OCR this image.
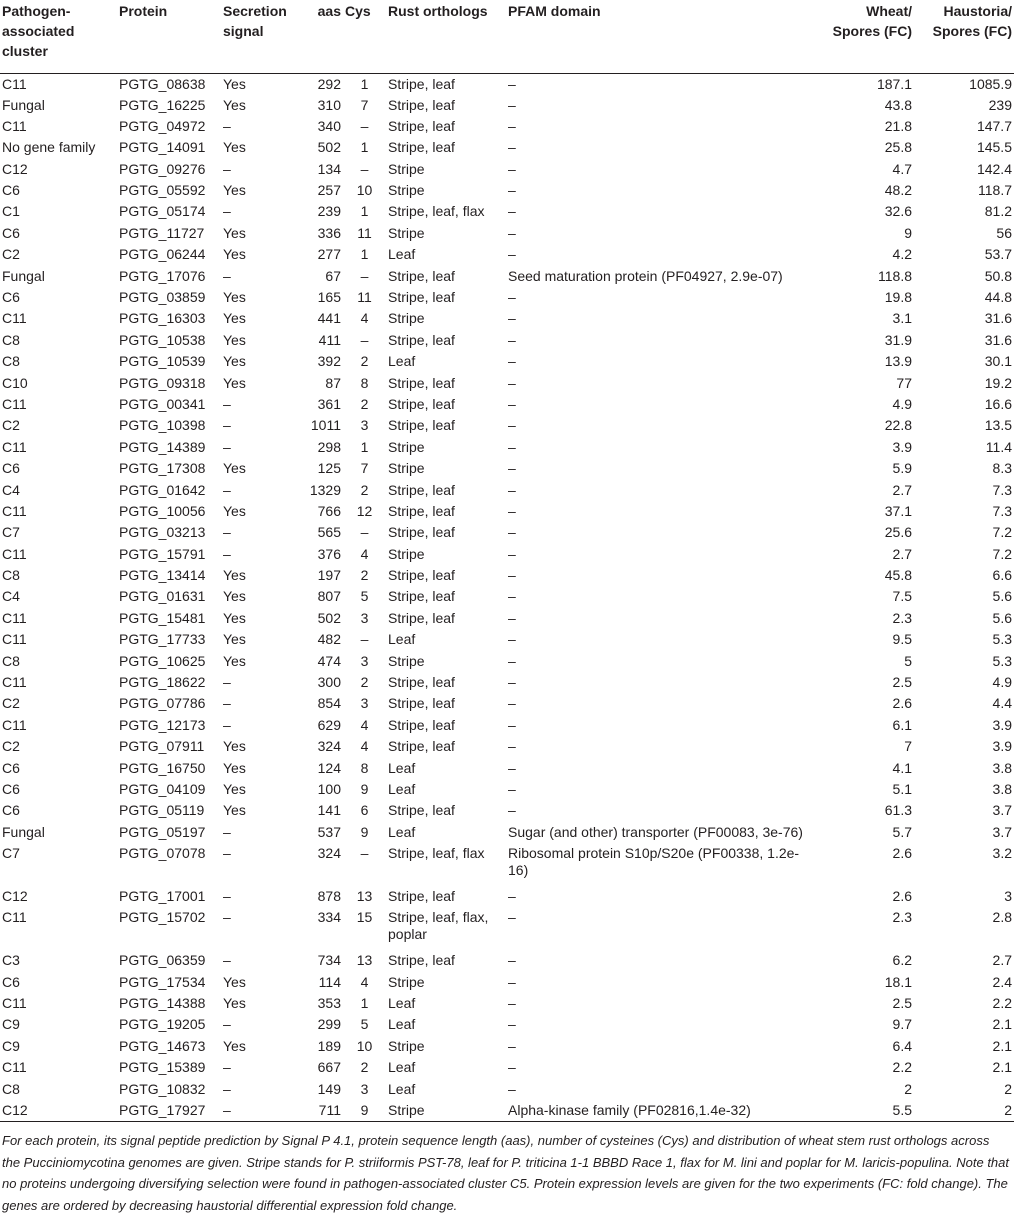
Pathogen-associated cluster	Protein	Secretion signal	aas	Cys	Rust orthologs	PFAM domain	Wheat/ Spores (FC)	Haustoria/ Spores (FC)
C11	PGTG_08638	Yes	292	1	Stripe, leaf	–	187.1	1085.9
Fungal	PGTG_16225	Yes	310	7	Stripe, leaf	–	43.8	239
C11	PGTG_04972	–	340	–	Stripe, leaf	–	21.8	147.7
No gene family	PGTG_14091	Yes	502	1	Stripe, leaf	–	25.8	145.5
C12	PGTG_09276	–	134	–	Stripe	–	4.7	142.4
C6	PGTG_05592	Yes	257	10	Stripe	–	48.2	118.7
C1	PGTG_05174	–	239	1	Stripe, leaf, flax	–	32.6	81.2
C6	PGTG_11727	Yes	336	11	Stripe	–	9	56
C2	PGTG_06244	Yes	277	1	Leaf	–	4.2	53.7
Fungal	PGTG_17076	–	67	–	Stripe, leaf	Seed maturation protein (PF04927, 2.9e-07)	118.8	50.8
C6	PGTG_03859	Yes	165	11	Stripe, leaf	–	19.8	44.8
C11	PGTG_16303	Yes	441	4	Stripe	–	3.1	31.6
C8	PGTG_10538	Yes	411	–	Stripe, leaf	–	31.9	31.6
C8	PGTG_10539	Yes	392	2	Leaf	–	13.9	30.1
C10	PGTG_09318	Yes	87	8	Stripe, leaf	–	77	19.2
C11	PGTG_00341	–	361	2	Stripe, leaf	–	4.9	16.6
C2	PGTG_10398	–	1011	3	Stripe, leaf	–	22.8	13.5
C11	PGTG_14389	–	298	1	Stripe	–	3.9	11.4
C6	PGTG_17308	Yes	125	7	Stripe	–	5.9	8.3
C4	PGTG_01642	–	1329	2	Stripe, leaf	–	2.7	7.3
C11	PGTG_10056	Yes	766	12	Stripe, leaf	–	37.1	7.3
C7	PGTG_03213	–	565	–	Stripe, leaf	–	25.6	7.2
C11	PGTG_15791	–	376	4	Stripe	–	2.7	7.2
C8	PGTG_13414	Yes	197	2	Stripe, leaf	–	45.8	6.6
C4	PGTG_01631	Yes	807	5	Stripe, leaf	–	7.5	5.6
C11	PGTG_15481	Yes	502	3	Stripe, leaf	–	2.3	5.6
C11	PGTG_17733	Yes	482	–	Leaf	–	9.5	5.3
C8	PGTG_10625	Yes	474	3	Stripe	–	5	5.3
C11	PGTG_18622	–	300	2	Stripe, leaf	–	2.5	4.9
C2	PGTG_07786	–	854	3	Stripe, leaf	–	2.6	4.4
C11	PGTG_12173	–	629	4	Stripe, leaf	–	6.1	3.9
C2	PGTG_07911	Yes	324	4	Stripe, leaf	–	7	3.9
C6	PGTG_16750	Yes	124	8	Leaf	–	4.1	3.8
C6	PGTG_04109	Yes	100	9	Leaf	–	5.1	3.8
C6	PGTG_05119	Yes	141	6	Stripe, leaf	–	61.3	3.7
Fungal	PGTG_05197	–	537	9	Leaf	Sugar (and other) transporter (PF00083, 3e-76)	5.7	3.7
C7	PGTG_07078	–	324	–	Stripe, leaf, flax	Ribosomal protein S10p/S20e (PF00338, 1.2e-16)	2.6	3.2
C12	PGTG_17001	–	878	13	Stripe, leaf	–	2.6	3
C11	PGTG_15702	–	334	15	Stripe, leaf, flax, poplar	–	2.3	2.8
C3	PGTG_06359	–	734	13	Stripe, leaf	–	6.2	2.7
C6	PGTG_17534	Yes	114	4	Stripe	–	18.1	2.4
C11	PGTG_14388	Yes	353	1	Leaf	–	2.5	2.2
C9	PGTG_19205	–	299	5	Leaf	–	9.7	2.1
C9	PGTG_14673	Yes	189	10	Stripe	–	6.4	2.1
C11	PGTG_15389	–	667	2	Leaf	–	2.2	2.1
C8	PGTG_10832	–	149	3	Leaf	–	2	2
C12	PGTG_17927	–	711	9	Stripe	Alpha-kinase family (PF02816,1.4e-32)	5.5	2
For each protein, its signal peptide prediction by Signal P 4.1, protein sequence length (aas), number of cysteines (Cys) and distribution of wheat stem rust orthologs across the Pucciniomycotina genomes are given. Stripe stands for P. striiformis PST-78, leaf for P. triticina 1-1 BBBD Race 1, flax for M. lini and poplar for M. laricis-populina. Note that no proteins undergoing diversifying selection were found in pathogen-associated cluster C5. Protein expression levels are given for the two experiments (FC: fold change). The genes are ordered by decreasing haustorial differential expression fold change.
